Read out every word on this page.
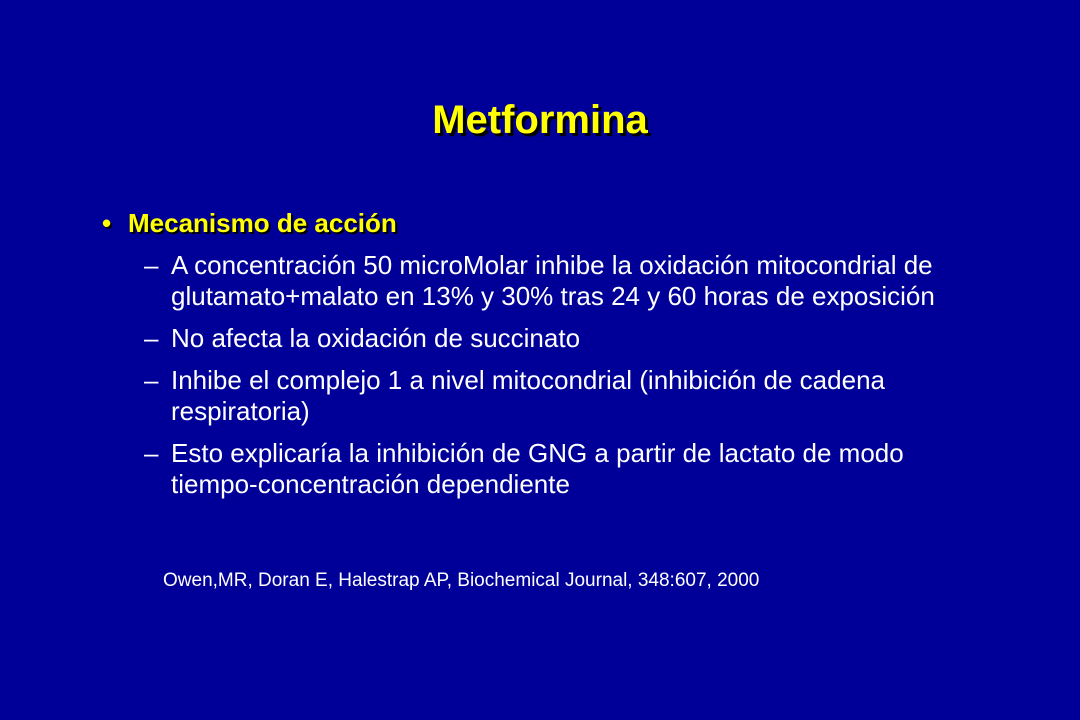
Metformina
• Mecanismo de acción
– A concentración 50 microMolar inhibe la oxidación mitocondrial de glutamato+malato en 13% y 30% tras 24 y 60 horas de exposición
– No afecta la oxidación de succinato
– Inhibe el complejo 1 a nivel mitocondrial (inhibición de cadena respiratoria)
– Esto explicaría la inhibición de GNG a partir de lactato de modo tiempo-concentración dependiente
Owen,MR, Doran E, Halestrap AP, Biochemical Journal, 348:607, 2000
